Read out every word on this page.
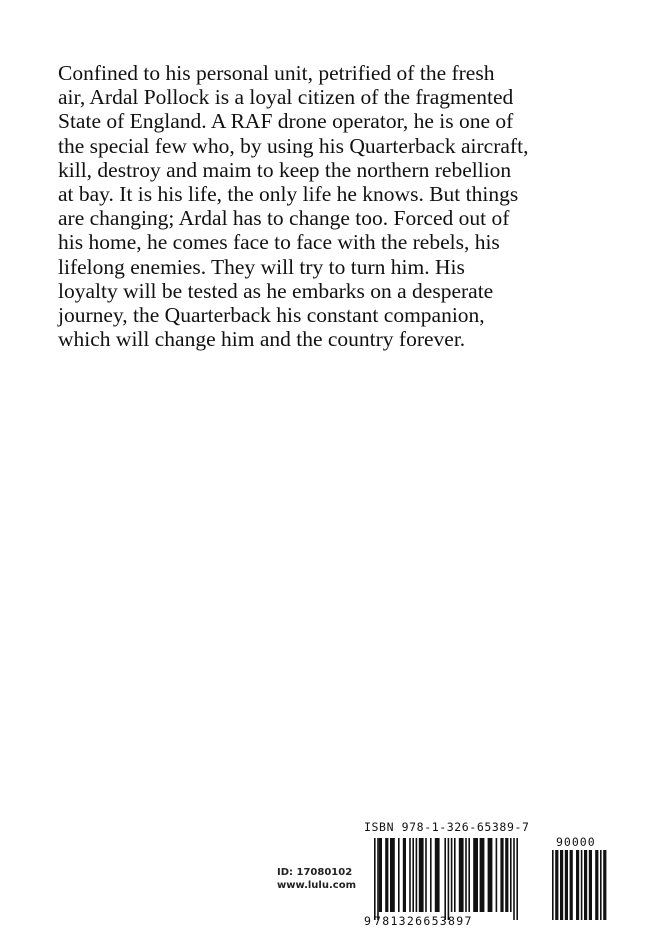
Confined to his personal unit, petrified of the fresh
air, Ardal Pollock is a loyal citizen of the fragmented
State of England. A RAF drone operator, he is one of
the special few who, by using his Quarterback aircraft,
kill, destroy and maim to keep the northern rebellion
at bay. It is his life, the only life he knows. But things
are changing; Ardal has to change too. Forced out of
his home, he comes face to face with the rebels, his
lifelong enemies. They will try to turn him. His
loyalty will be tested as he embarks on a desperate
journey, the Quarterback his constant companion,
which will change him and the country forever.
ID: 17080102
www.lulu.com
ISBN 978-1-326-65389-7
90000
9 781326653897
